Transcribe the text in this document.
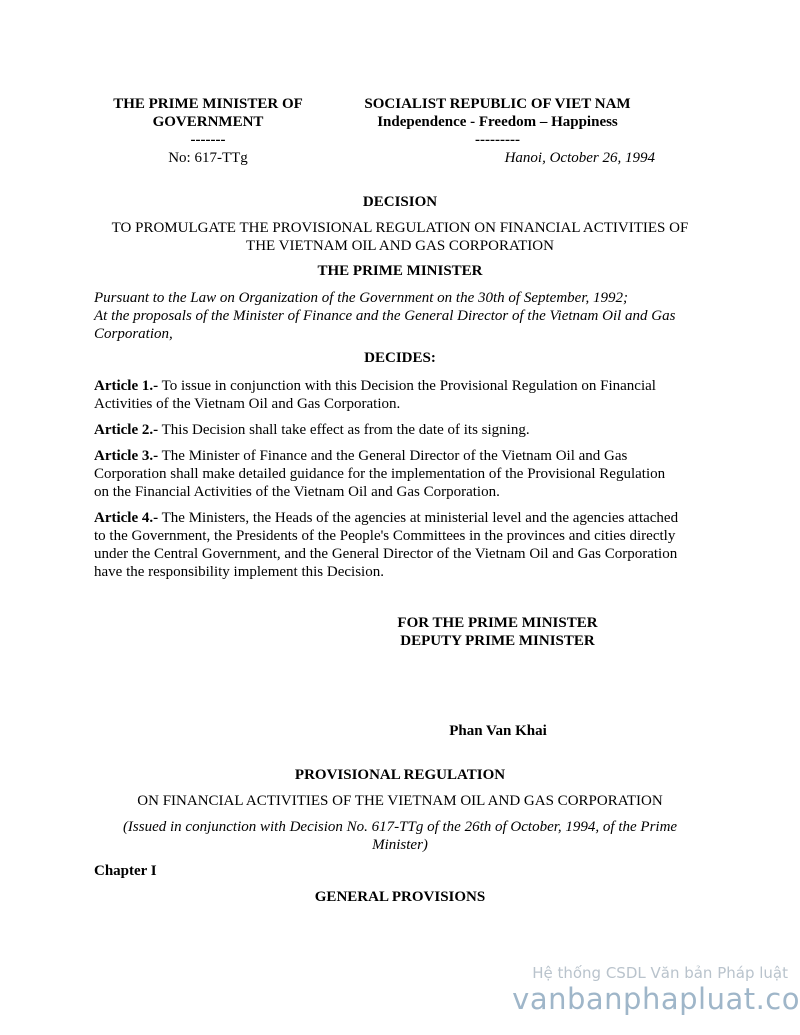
THE PRIME MINISTER OF
GOVERNMENT
-------
No: 617-TTg
SOCIALIST REPUBLIC OF VIET NAM
Independence - Freedom – Happiness
---------
Hanoi, October 26, 1994
DECISION
TO PROMULGATE THE PROVISIONAL REGULATION ON FINANCIAL ACTIVITIES OF
THE VIETNAM OIL AND GAS CORPORATION
THE PRIME MINISTER
Pursuant to the Law on Organization of the Government on the 30th of September, 1992;
At the proposals of the Minister of Finance and the General Director of the Vietnam Oil and Gas
Corporation,
DECIDES:
Article 1.- To issue in conjunction with this Decision the Provisional Regulation on Financial
Activities of the Vietnam Oil and Gas Corporation.
Article 2.- This Decision shall take effect as from the date of its signing.
Article 3.- The Minister of Finance and the General Director of the Vietnam Oil and Gas
Corporation shall make detailed guidance for the implementation of the Provisional Regulation
on the Financial Activities of the Vietnam Oil and Gas Corporation.
Article 4.- The Ministers, the Heads of the agencies at ministerial level and the agencies attached
to the Government, the Presidents of the People's Committees in the provinces and cities directly
under the Central Government, and the General Director of the Vietnam Oil and Gas Corporation
have the responsibility implement this Decision.
FOR THE PRIME MINISTER
DEPUTY PRIME MINISTER
Phan Van Khai
PROVISIONAL REGULATION
ON FINANCIAL ACTIVITIES OF THE VIETNAM OIL AND GAS CORPORATION
(Issued in conjunction with Decision No. 617-TTg of the 26th of October, 1994, of the Prime
Minister)
Chapter I
GENERAL PROVISIONS
Hệ thống CSDL Văn bản Pháp luật
vanbanphapluat.co
